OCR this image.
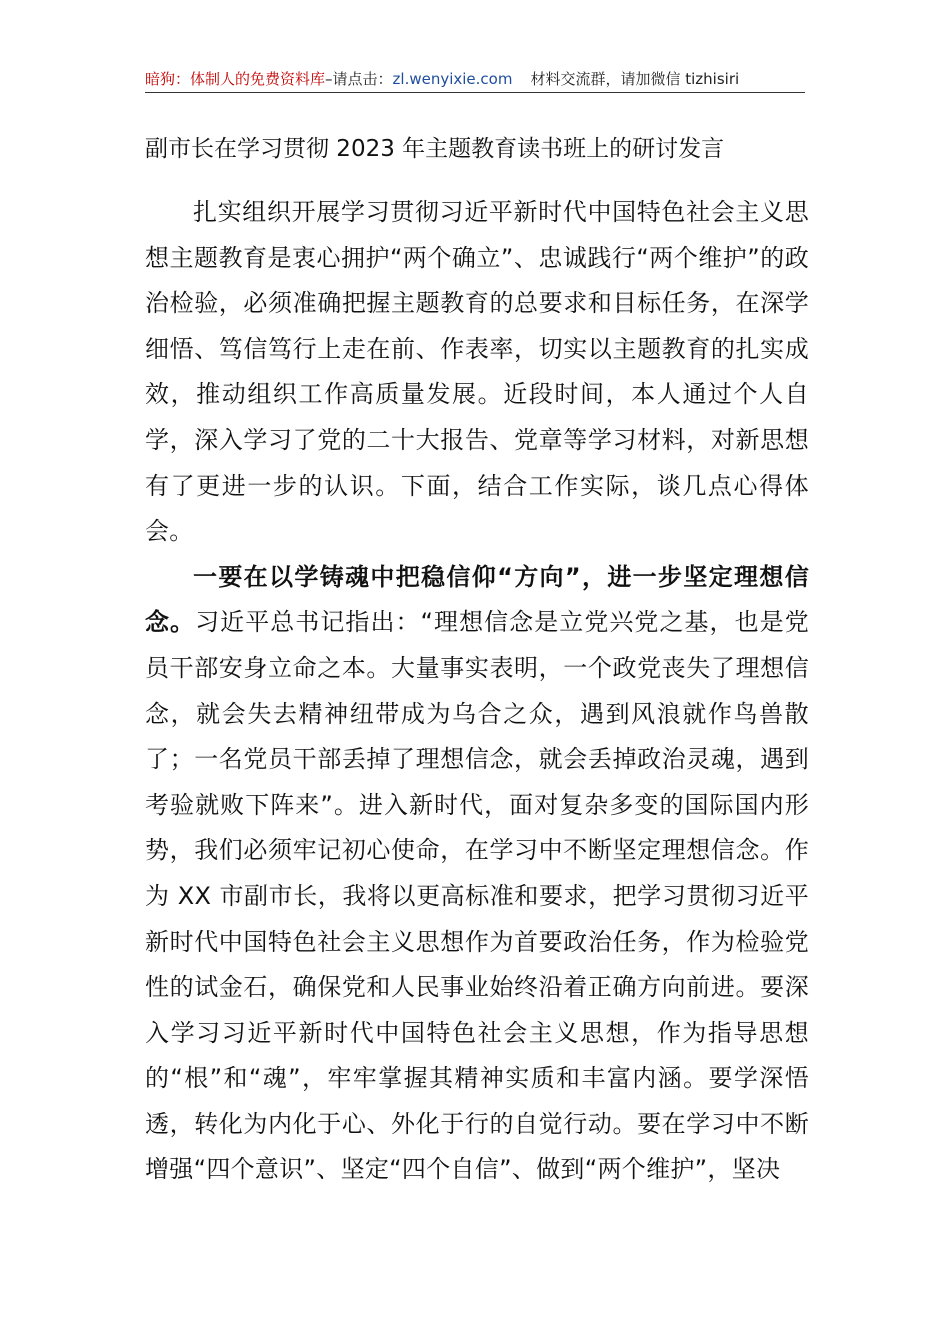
暗狗：体制人的免费资料库–请点击：zl.wenyixie.com 材料交流群，请加微信 tizhisiri
副市长在学习贯彻 2023 年主题教育读书班上的研讨发言

扎实组织开展学习贯彻习近平新时代中国特色社会主义思想主题教育是衷心拥护“两个确立”、忠诚践行“两个维护”的政治检验，必须准确把握主题教育的总要求和目标任务，在深学细悟、笃信笃行上走在前、作表率，切实以主题教育的扎实成效，推动组织工作高质量发展。近段时间，本人通过个人自学，深入学习了党的二十大报告、党章等学习材料，对新思想有了更进一步的认识。下面，结合工作实际，谈几点心得体会。

一要在以学铸魂中把稳信仰“方向”，进一步坚定理想信念。习近平总书记指出：“理想信念是立党兴党之基，也是党员干部安身立命之本。大量事实表明，一个政党丧失了理想信念，就会失去精神纽带成为乌合之众，遇到风浪就作鸟兽散了；一名党员干部丢掉了理想信念，就会丢掉政治灵魂，遇到考验就败下阵来”。进入新时代，面对复杂多变的国际国内形势，我们必须牢记初心使命，在学习中不断坚定理想信念。作为 XX 市副市长，我将以更高标准和要求，把学习贯彻习近平新时代中国特色社会主义思想作为首要政治任务，作为检验党性的试金石，确保党和人民事业始终沿着正确方向前进。要深入学习习近平新时代中国特色社会主义思想，作为指导思想的“根”和“魂”，牢牢掌握其精神实质和丰富内涵。要学深悟透，转化为内化于心、外化于行的自觉行动。要在学习中不断增强“四个意识”、坚定“四个自信”、做到“两个维护”，坚决
